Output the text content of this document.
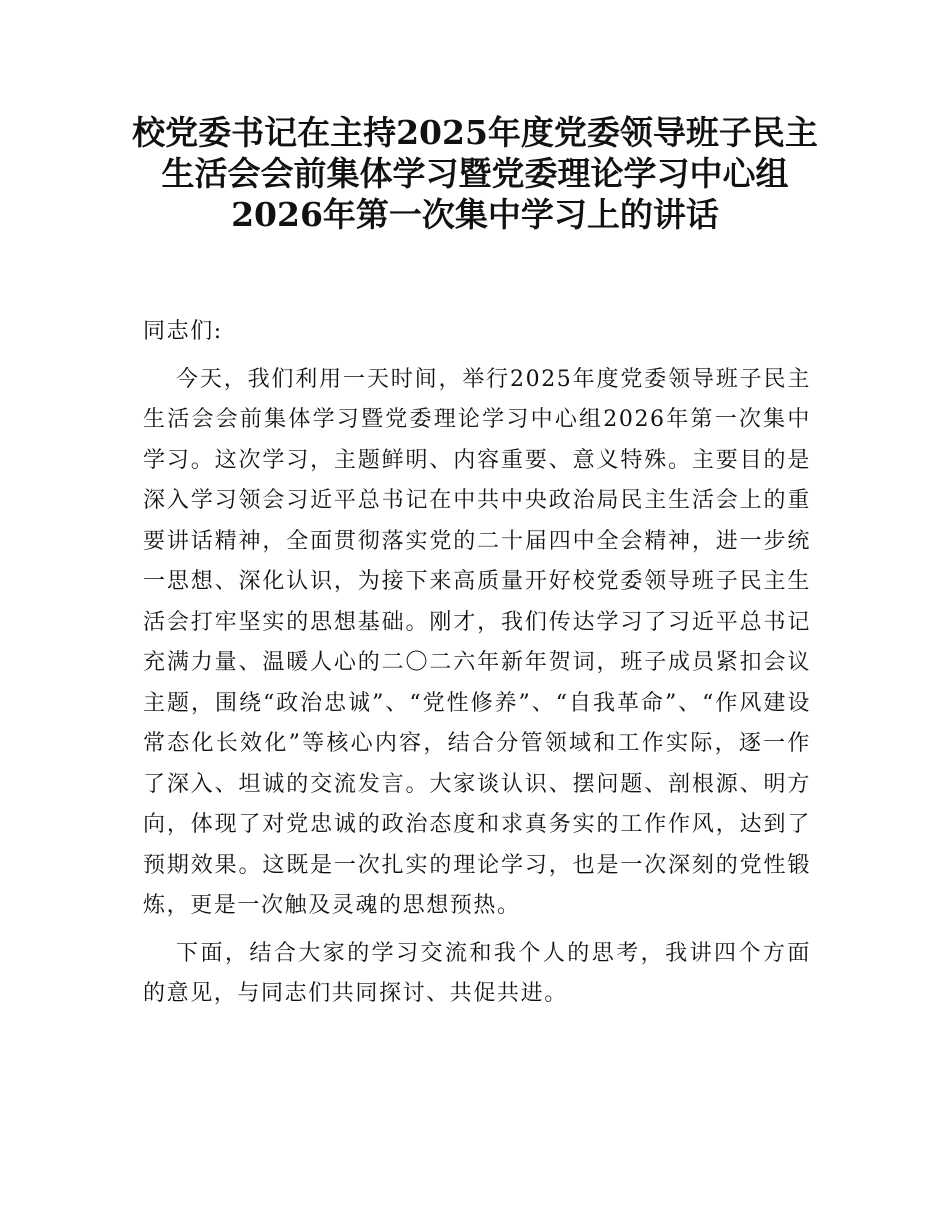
校党委书记在主持2025年度党委领导班子民主
生活会会前集体学习暨党委理论学习中心组
2026年第一次集中学习上的讲话

同志们:

今天，我们利用一天时间，举行2025年度党委领导班子民主生活会会前集体学习暨党委理论学习中心组2026年第一次集中学习。这次学习，主题鲜明、内容重要、意义特殊。主要目的是深入学习领会习近平总书记在中共中央政治局民主生活会上的重要讲话精神，全面贯彻落实党的二十届四中全会精神，进一步统一思想、深化认识，为接下来高质量开好校党委领导班子民主生活会打牢坚实的思想基础。刚才，我们传达学习了习近平总书记充满力量、温暖人心的二〇二六年新年贺词，班子成员紧扣会议主题，围绕“政治忠诚”、“党性修养”、“自我革命”、“作风建设常态化长效化”等核心内容，结合分管领域和工作实际，逐一作了深入、坦诚的交流发言。大家谈认识、摆问题、剖根源、明方向，体现了对党忠诚的政治态度和求真务实的工作作风，达到了预期效果。这既是一次扎实的理论学习，也是一次深刻的党性锻炼，更是一次触及灵魂的思想预热。

下面，结合大家的学习交流和我个人的思考，我讲四个方面的意见，与同志们共同探讨、共促共进。
